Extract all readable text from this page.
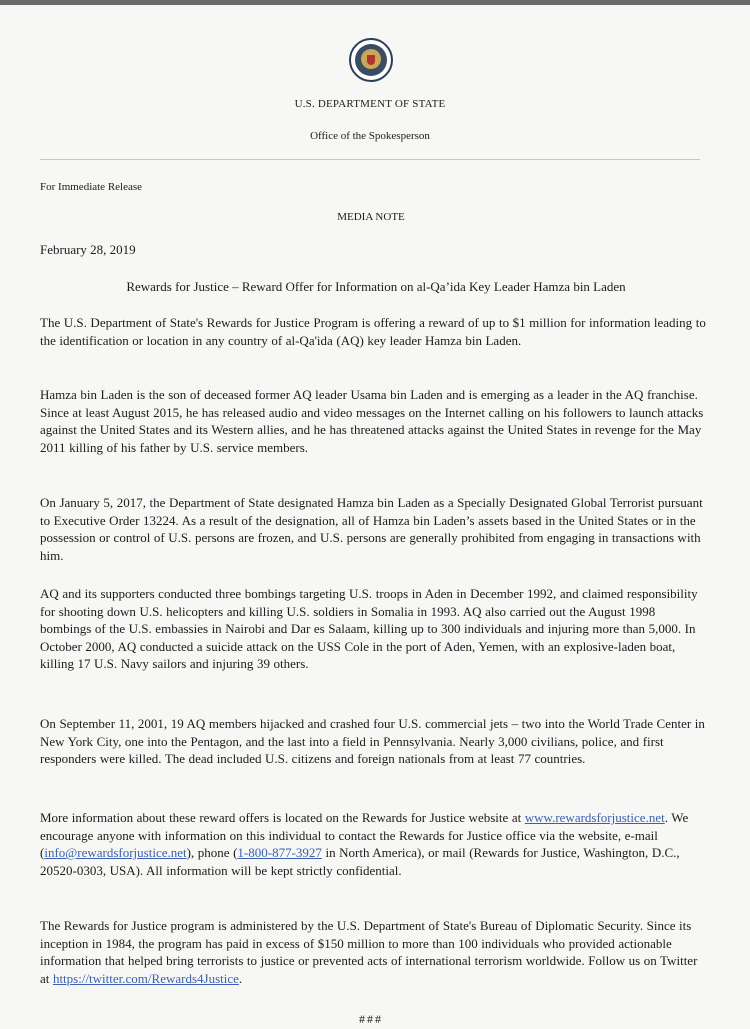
U.S. DEPARTMENT OF STATE
Office of the Spokesperson
For Immediate Release
MEDIA NOTE
February 28, 2019
Rewards for Justice – Reward Offer for Information on al-Qa’ida Key Leader Hamza bin Laden

The U.S. Department of State's Rewards for Justice Program is offering a reward of up to $1 million for information leading to the identification or location in any country of al-Qa'ida (AQ) key leader Hamza bin Laden.

Hamza bin Laden is the son of deceased former AQ leader Usama bin Laden and is emerging as a leader in the AQ franchise. Since at least August 2015, he has released audio and video messages on the Internet calling on his followers to launch attacks against the United States and its Western allies, and he has threatened attacks against the United States in revenge for the May 2011 killing of his father by U.S. service members.

On January 5, 2017, the Department of State designated Hamza bin Laden as a Specially Designated Global Terrorist pursuant to Executive Order 13224. As a result of the designation, all of Hamza bin Laden’s assets based in the United States or in the possession or control of U.S. persons are frozen, and U.S. persons are generally prohibited from engaging in transactions with him.

AQ and its supporters conducted three bombings targeting U.S. troops in Aden in December 1992, and claimed responsibility for shooting down U.S. helicopters and killing U.S. soldiers in Somalia in 1993. AQ also carried out the August 1998 bombings of the U.S. embassies in Nairobi and Dar es Salaam, killing up to 300 individuals and injuring more than 5,000. In October 2000, AQ conducted a suicide attack on the USS Cole in the port of Aden, Yemen, with an explosive-laden boat, killing 17 U.S. Navy sailors and injuring 39 others.

On September 11, 2001, 19 AQ members hijacked and crashed four U.S. commercial jets – two into the World Trade Center in New York City, one into the Pentagon, and the last into a field in Pennsylvania. Nearly 3,000 civilians, police, and first responders were killed. The dead included U.S. citizens and foreign nationals from at least 77 countries.

More information about these reward offers is located on the Rewards for Justice website at www.rewardsforjustice.net. We encourage anyone with information on this individual to contact the Rewards for Justice office via the website, e-mail (info@rewardsforjustice.net), phone (1-800-877-3927 in North America), or mail (Rewards for Justice, Washington, D.C., 20520-0303, USA). All information will be kept strictly confidential.

The Rewards for Justice program is administered by the U.S. Department of State's Bureau of Diplomatic Security. Since its inception in 1984, the program has paid in excess of $150 million to more than 100 individuals who provided actionable information that helped bring terrorists to justice or prevented acts of international terrorism worldwide. Follow us on Twitter at https://twitter.com/Rewards4Justice.

###
